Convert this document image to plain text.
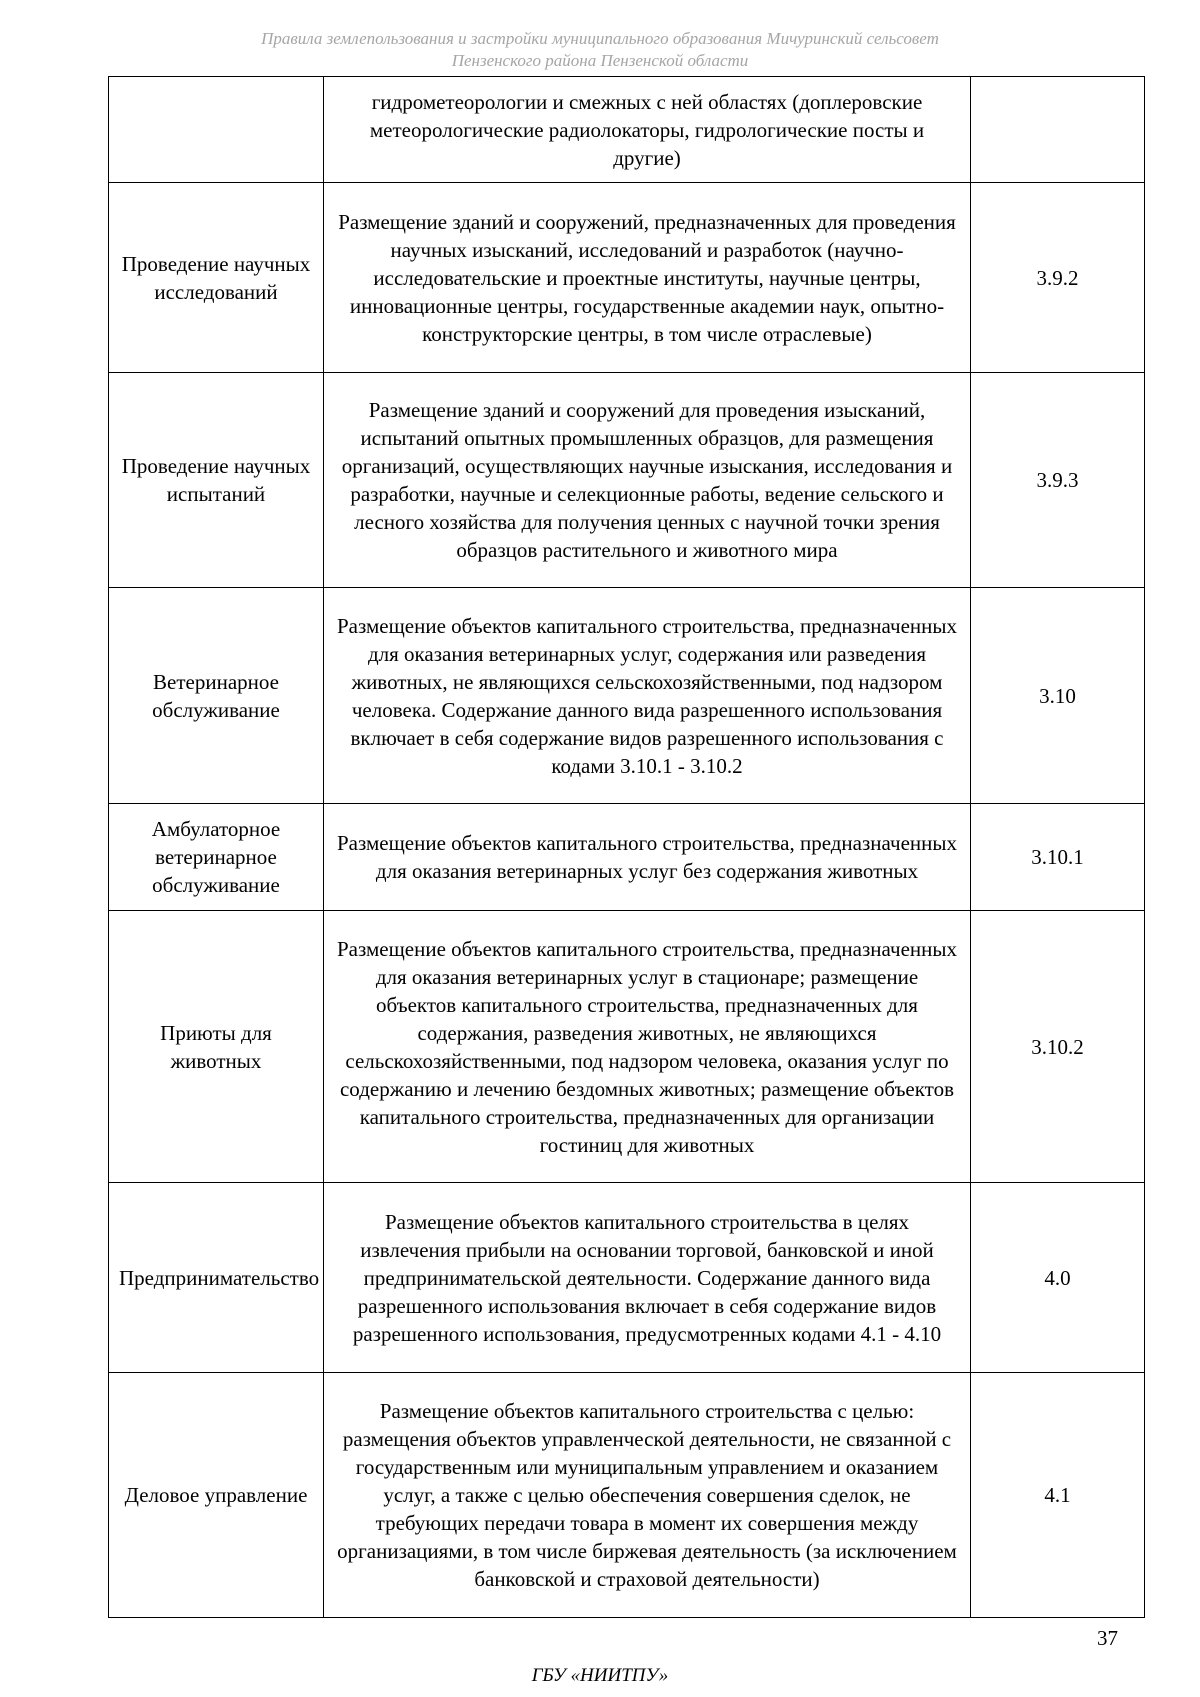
Правила землепользования и застройки муниципального образования Мичуринский сельсовет
Пензенского района Пензенской области
	гидрометеорологии и смежных с ней областях (доплеровские метеорологические радиолокаторы, гидрологические посты и другие)	
Проведение научных исследований	Размещение зданий и сооружений, предназначенных для проведения научных изысканий, исследований и разработок (научно-исследовательские и проектные институты, научные центры, инновационные центры, государственные академии наук, опытно-конструкторские центры, в том числе отраслевые)	3.9.2
Проведение научных испытаний	Размещение зданий и сооружений для проведения изысканий, испытаний опытных промышленных образцов, для размещения организаций, осуществляющих научные изыскания, исследования и разработки, научные и селекционные работы, ведение сельского и лесного хозяйства для получения ценных с научной точки зрения образцов растительного и животного мира	3.9.3
Ветеринарное обслуживание	Размещение объектов капитального строительства, предназначенных для оказания ветеринарных услуг, содержания или разведения животных, не являющихся сельскохозяйственными, под надзором человека. Содержание данного вида разрешенного использования включает в себя содержание видов разрешенного использования с кодами 3.10.1 - 3.10.2	3.10
Амбулаторное ветеринарное обслуживание	Размещение объектов капитального строительства, предназначенных для оказания ветеринарных услуг без содержания животных	3.10.1
Приюты для животных	Размещение объектов капитального строительства, предназначенных для оказания ветеринарных услуг в стационаре; размещение объектов капитального строительства, предназначенных для содержания, разведения животных, не являющихся сельскохозяйственными, под надзором человека, оказания услуг по содержанию и лечению бездомных животных; размещение объектов капитального строительства, предназначенных для организации гостиниц для животных	3.10.2
Предпринимательство	Размещение объектов капитального строительства в целях извлечения прибыли на основании торговой, банковской и иной предпринимательской деятельности. Содержание данного вида разрешенного использования включает в себя содержание видов разрешенного использования, предусмотренных кодами 4.1 - 4.10	4.0
Деловое управление	Размещение объектов капитального строительства с целью: размещения объектов управленческой деятельности, не связанной с государственным или муниципальным управлением и оказанием услуг, а также с целью обеспечения совершения сделок, не требующих передачи товара в момент их совершения между организациями, в том числе биржевая деятельность (за исключением банковской и страховой деятельности)	4.1
37
ГБУ «НИИТПУ»
